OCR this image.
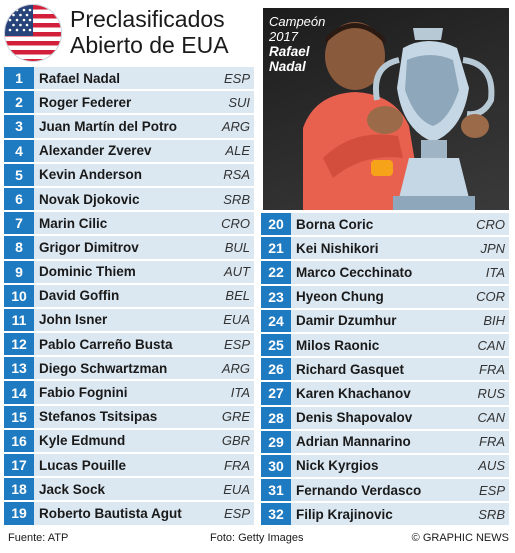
Preclasificados
Abierto de EUA
Campeón
2017
Rafael
Nadal
1	Rafael Nadal	ESP
2	Roger Federer	SUI
3	Juan Martín del Potro	ARG
4	Alexander Zverev	ALE
5	Kevin Anderson	RSA
6	Novak Djokovic	SRB
7	Marin Cilic	CRO
8	Grigor Dimitrov	BUL
9	Dominic Thiem	AUT
10 David Goffin	BEL
11 John Isner	EUA
12 Pablo Carreño Busta	ESP
13 Diego Schwartzman	ARG
14 Fabio Fognini	ITA
15 Stefanos Tsitsipas	GRE
16 Kyle Edmund	GBR
17 Lucas Pouille	FRA
18 Jack Sock	EUA
19 Roberto Bautista Agut	ESP
20 Borna Coric	CRO
21 Kei Nishikori	JPN
22 Marco Cecchinato	ITA
23 Hyeon Chung	COR
24 Damir Dzumhur	BIH
25 Milos Raonic	CAN
26 Richard Gasquet	FRA
27 Karen Khachanov	RUS
28 Denis Shapovalov	CAN
29 Adrian Mannarino	FRA
30 Nick Kyrgios	AUS
31 Fernando Verdasco	ESP
32 Filip Krajinovic	SRB
Fuente: ATP	Foto: Getty Images	© GRAPHIC NEWS
